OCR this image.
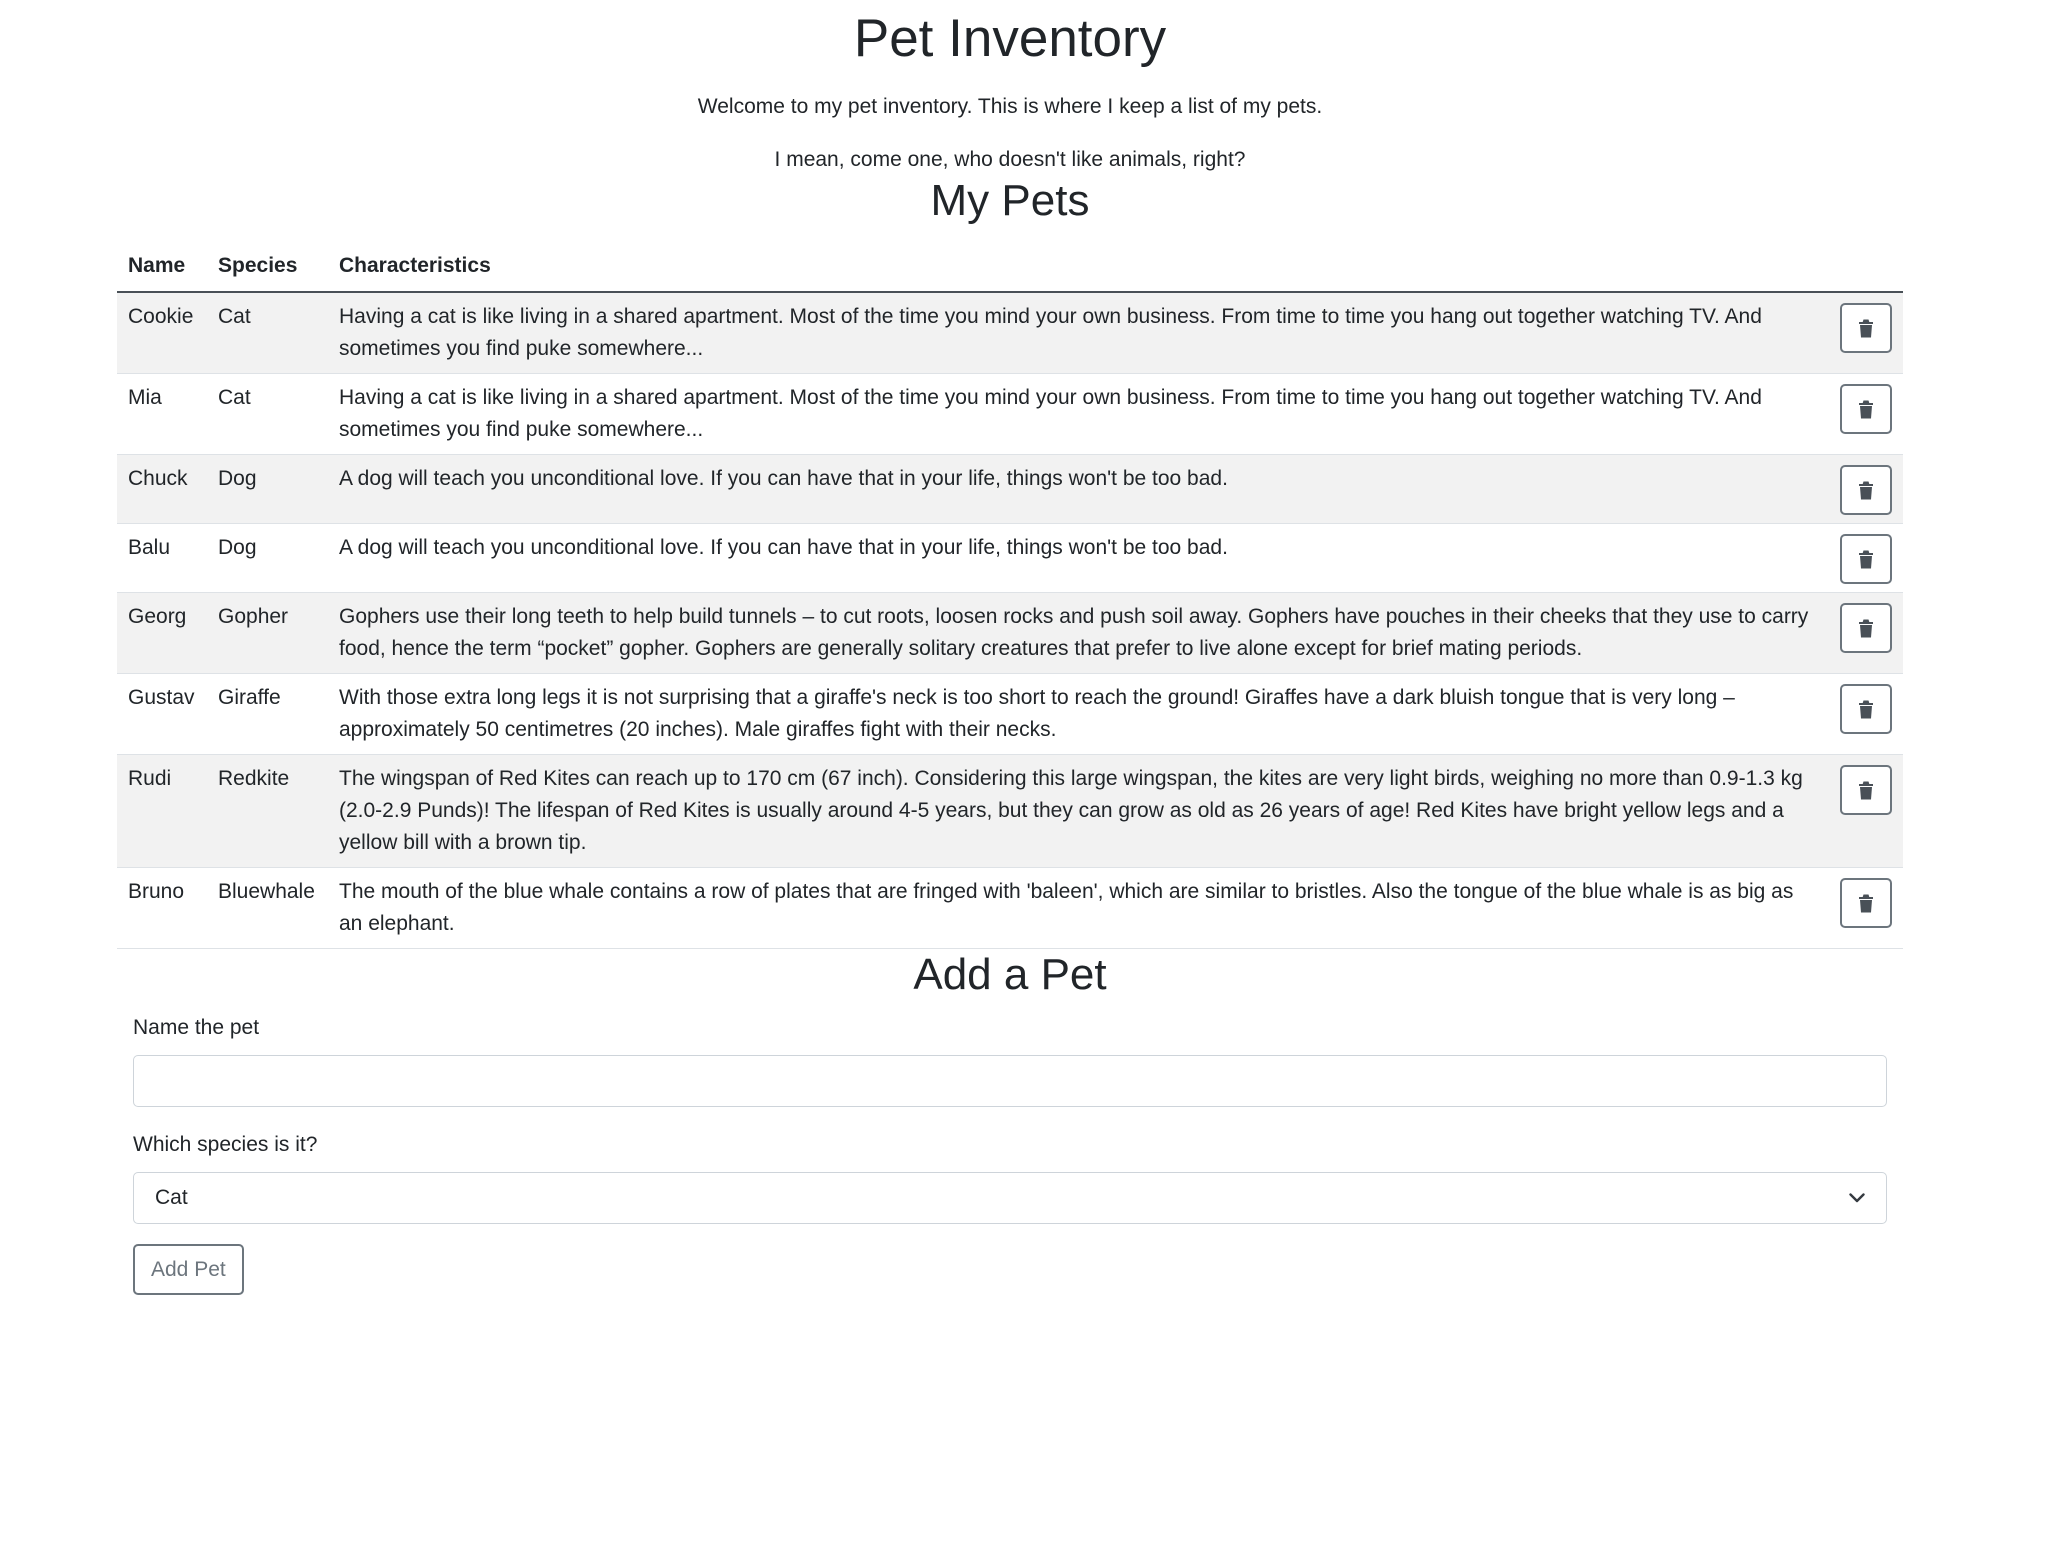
Pet Inventory

Welcome to my pet inventory. This is where I keep a list of my pets.

I mean, come one, who doesn't like animals, right?

My Pets
Name	Species	Characteristics	
Cookie	Cat	Having a cat is like living in a shared apartment. Most of the time you mind your own business. From time to time you hang out together watching TV. And sometimes you find puke somewhere...	

Mia	Cat	Having a cat is like living in a shared apartment. Most of the time you mind your own business. From time to time you hang out together watching TV. And sometimes you find puke somewhere...	

Chuck	Dog	A dog will teach you unconditional love. If you can have that in your life, things won't be too bad.	

Balu	Dog	A dog will teach you unconditional love. If you can have that in your life, things won't be too bad.	

Georg	Gopher	Gophers use their long teeth to help build tunnels – to cut roots, loosen rocks and push soil away. Gophers have pouches in their cheeks that they use to carry food, hence the term “pocket” gopher. Gophers are generally solitary creatures that prefer to live alone except for brief mating periods.	

Gustav	Giraffe	With those extra long legs it is not surprising that a giraffe's neck is too short to reach the ground! Giraffes have a dark bluish tongue that is very long – approximately 50 centimetres (20 inches). Male giraffes fight with their necks.	

Rudi	Redkite	The wingspan of Red Kites can reach up to 170 cm (67 inch). Considering this large wingspan, the kites are very light birds, weighing no more than 0.9-1.3 kg (2.0-2.9 Punds)! The lifespan of Red Kites is usually around 4-5 years, but they can grow as old as 26 years of age! Red Kites have bright yellow legs and a yellow bill with a brown tip.	

Bruno	Bluewhale	The mouth of the blue whale contains a row of plates that are fringed with 'baleen', which are similar to bristles. Also the tongue of the blue whale is as big as an elephant.	
Add a Pet
Name the pet
Which species is it?
Cat
Add Pet
